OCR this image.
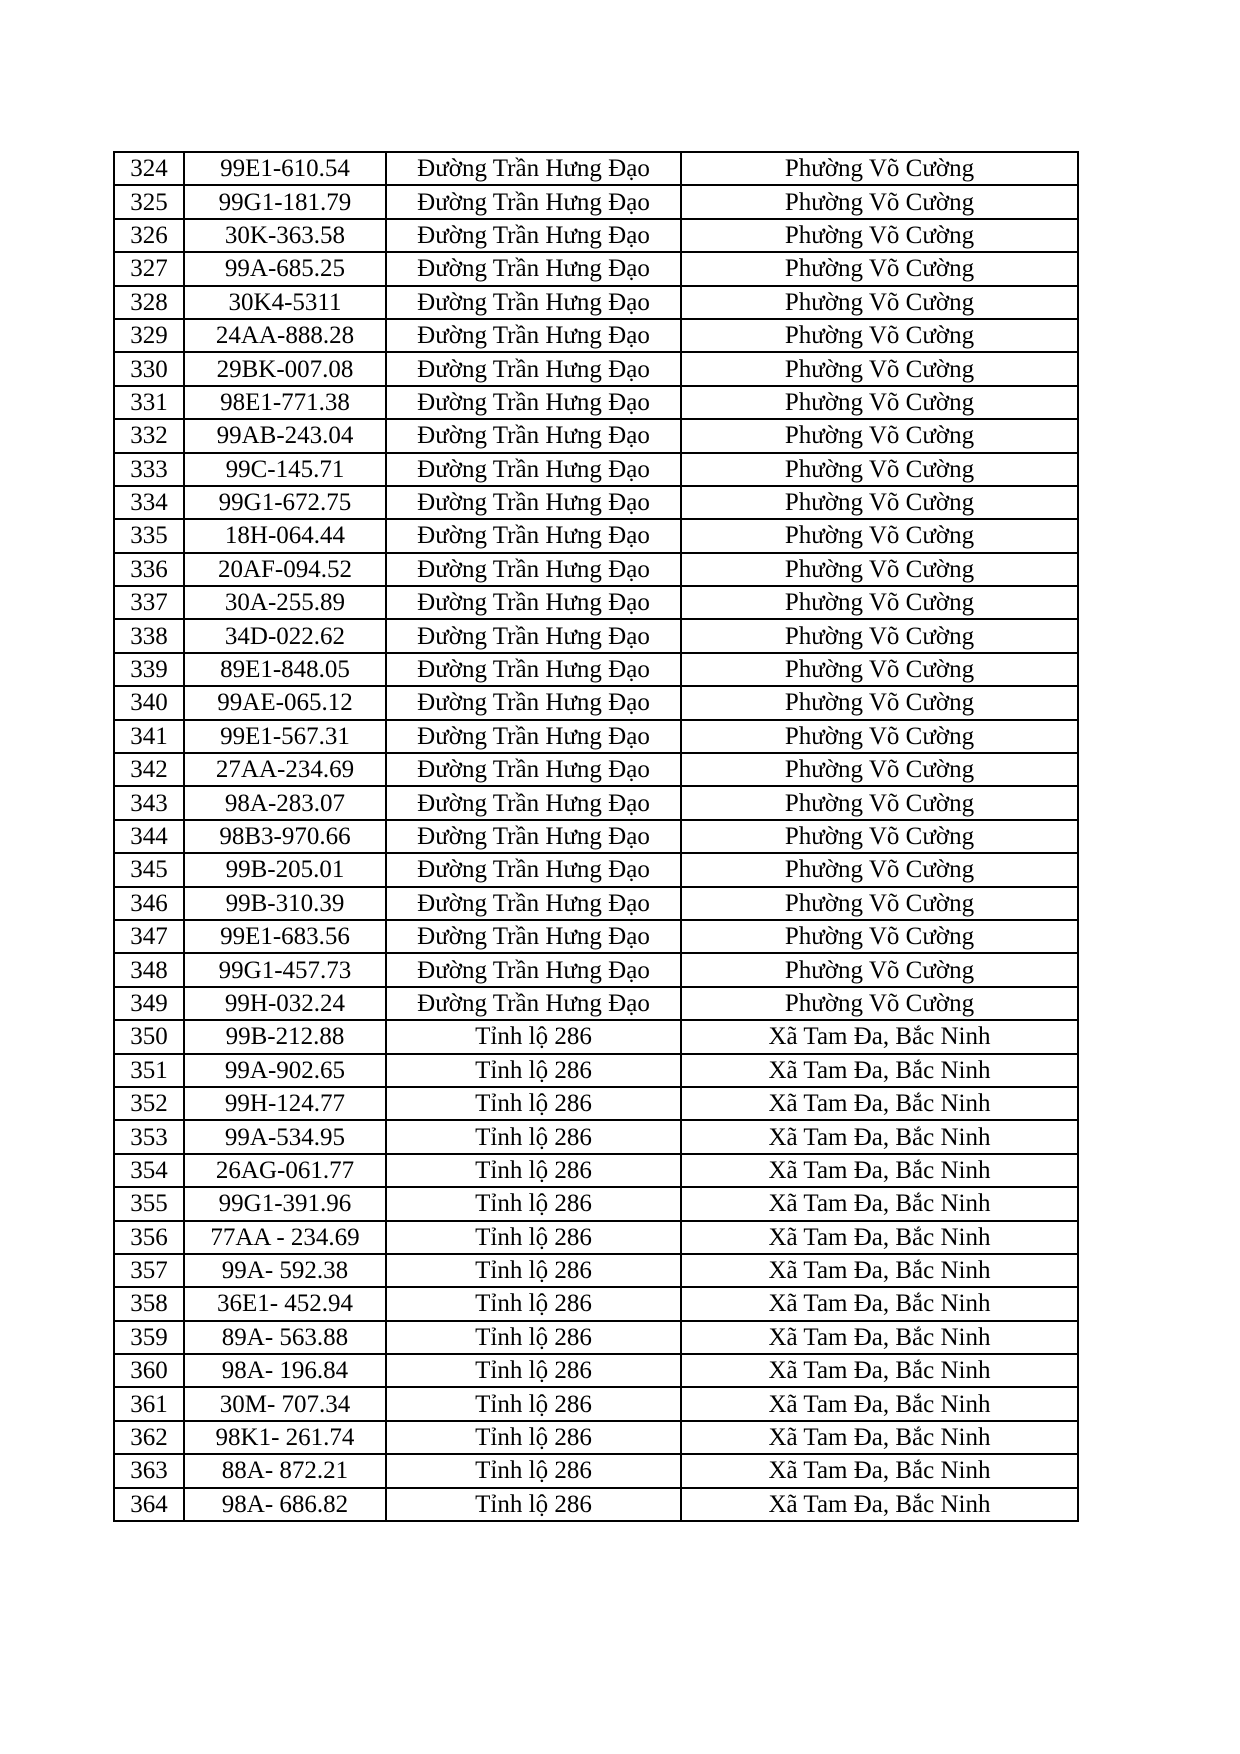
324	99E1-610.54	Đường Trần Hưng Đạo	Phường Võ Cường
325	99G1-181.79	Đường Trần Hưng Đạo	Phường Võ Cường
326	30K-363.58	Đường Trần Hưng Đạo	Phường Võ Cường
327	99A-685.25	Đường Trần Hưng Đạo	Phường Võ Cường
328	30K4-5311	Đường Trần Hưng Đạo	Phường Võ Cường
329	24AA-888.28	Đường Trần Hưng Đạo	Phường Võ Cường
330	29BK-007.08	Đường Trần Hưng Đạo	Phường Võ Cường
331	98E1-771.38	Đường Trần Hưng Đạo	Phường Võ Cường
332	99AB-243.04	Đường Trần Hưng Đạo	Phường Võ Cường
333	99C-145.71	Đường Trần Hưng Đạo	Phường Võ Cường
334	99G1-672.75	Đường Trần Hưng Đạo	Phường Võ Cường
335	18H-064.44	Đường Trần Hưng Đạo	Phường Võ Cường
336	20AF-094.52	Đường Trần Hưng Đạo	Phường Võ Cường
337	30A-255.89	Đường Trần Hưng Đạo	Phường Võ Cường
338	34D-022.62	Đường Trần Hưng Đạo	Phường Võ Cường
339	89E1-848.05	Đường Trần Hưng Đạo	Phường Võ Cường
340	99AE-065.12	Đường Trần Hưng Đạo	Phường Võ Cường
341	99E1-567.31	Đường Trần Hưng Đạo	Phường Võ Cường
342	27AA-234.69	Đường Trần Hưng Đạo	Phường Võ Cường
343	98A-283.07	Đường Trần Hưng Đạo	Phường Võ Cường
344	98B3-970.66	Đường Trần Hưng Đạo	Phường Võ Cường
345	99B-205.01	Đường Trần Hưng Đạo	Phường Võ Cường
346	99B-310.39	Đường Trần Hưng Đạo	Phường Võ Cường
347	99E1-683.56	Đường Trần Hưng Đạo	Phường Võ Cường
348	99G1-457.73	Đường Trần Hưng Đạo	Phường Võ Cường
349	99H-032.24	Đường Trần Hưng Đạo	Phường Võ Cường
350	99B-212.88	Tỉnh lộ 286	Xã Tam Đa, Bắc Ninh
351	99A-902.65	Tỉnh lộ 286	Xã Tam Đa, Bắc Ninh
352	99H-124.77	Tỉnh lộ 286	Xã Tam Đa, Bắc Ninh
353	99A-534.95	Tỉnh lộ 286	Xã Tam Đa, Bắc Ninh
354	26AG-061.77	Tỉnh lộ 286	Xã Tam Đa, Bắc Ninh
355	99G1-391.96	Tỉnh lộ 286	Xã Tam Đa, Bắc Ninh
356	77AA - 234.69	Tỉnh lộ 286	Xã Tam Đa, Bắc Ninh
357	99A- 592.38	Tỉnh lộ 286	Xã Tam Đa, Bắc Ninh
358	36E1- 452.94	Tỉnh lộ 286	Xã Tam Đa, Bắc Ninh
359	89A- 563.88	Tỉnh lộ 286	Xã Tam Đa, Bắc Ninh
360	98A- 196.84	Tỉnh lộ 286	Xã Tam Đa, Bắc Ninh
361	30M- 707.34	Tỉnh lộ 286	Xã Tam Đa, Bắc Ninh
362	98K1- 261.74	Tỉnh lộ 286	Xã Tam Đa, Bắc Ninh
363	88A- 872.21	Tỉnh lộ 286	Xã Tam Đa, Bắc Ninh
364	98A- 686.82	Tỉnh lộ 286	Xã Tam Đa, Bắc Ninh
